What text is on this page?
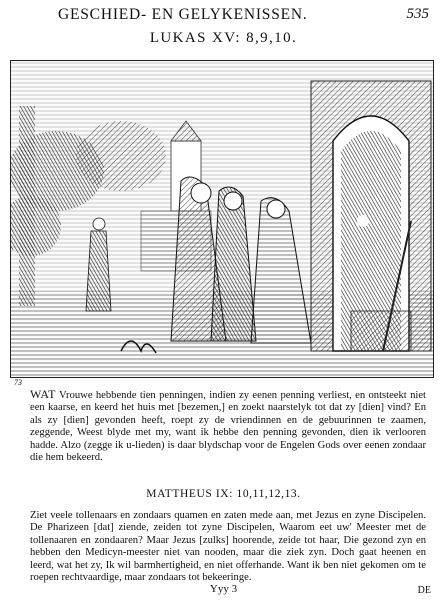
GESCHIED- EN GELYKENISSEN.	535
LUKAS XV: 8,9,10.
73

WAT Vrouwe hebbende tien penningen, indien zy eenen penning verliest, en ontsteekt niet een kaarse, en keerd het huis met [bezemen,] en zoekt naarstelyk tot dat zy [dien] vind? En als zy [dien] gevonden heeft, roept zy de vriendinnen en de gebuurinnen te zaamen, zeggende, Weest blyde met my, want ik hebbe den penning gevonden, dien ik verlooren hadde. Alzo (zegge ik u-lieden) is daar blydschap voor de Engelen Gods over eenen zondaar die hem bekeerd.

MATTHEUS IX: 10,11,12,13.

Ziet veele tollenaars en zondaars quamen en zaten mede aan, met Jezus en zyne Discipelen. De Pharizeen [dat] ziende, zeiden tot zyne Discipelen, Waarom eet uw' Meester met de tollenaaren en zondaaren? Maar Jezus [zulks] hoorende, zeide tot haar, Die gezond zyn en hebben den Medicyn-meester niet van nooden, maar die ziek zyn. Doch gaat heenen en leerd, wat het zy, Ik wil barmhertigheid, en niet offerhande. Want ik ben niet gekomen om te roepen rechtvaardige, maar zondaars tot bekeeringe.

Yyy 3	DE
